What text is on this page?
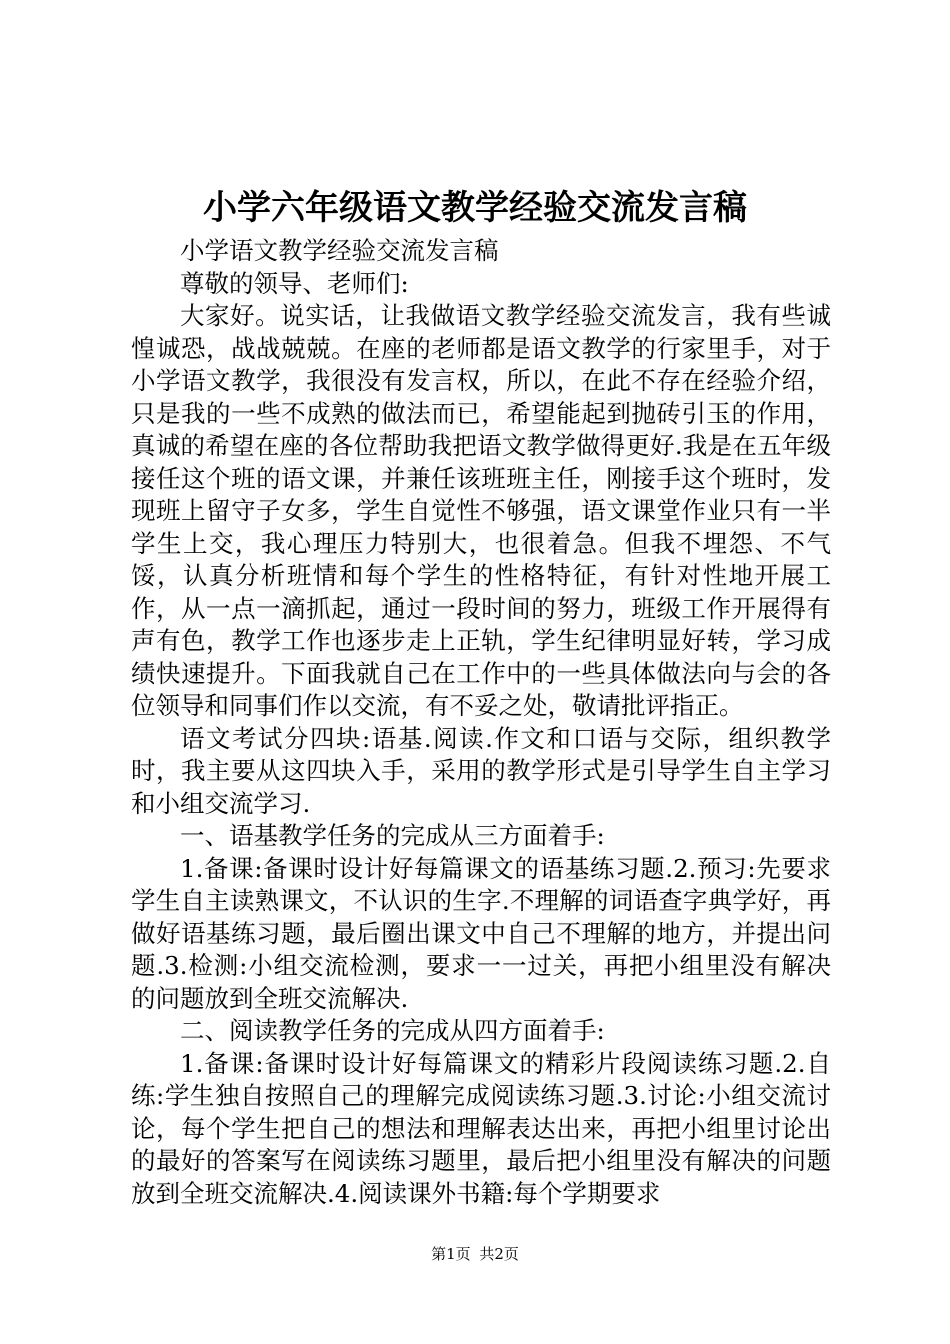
小学六年级语文教学经验交流发言稿

小学语文教学经验交流发言稿

尊敬的领导、老师们:

大家好。说实话，让我做语文教学经验交流发言，我有些诚惶诚恐，战战兢兢。在座的老师都是语文教学的行家里手，对于小学语文教学，我很没有发言权，所以，在此不存在经验介绍，只是我的一些不成熟的做法而已，希望能起到抛砖引玉的作用，真诚的希望在座的各位帮助我把语文教学做得更好.我是在五年级接任这个班的语文课，并兼任该班班主任，刚接手这个班时，发现班上留守子女多，学生自觉性不够强，语文课堂作业只有一半学生上交，我心理压力特别大，也很着急。但我不埋怨、不气馁，认真分析班情和每个学生的性格特征，有针对性地开展工作，从一点一滴抓起，通过一段时间的努力，班级工作开展得有声有色，教学工作也逐步走上正轨，学生纪律明显好转，学习成绩快速提升。下面我就自己在工作中的一些具体做法向与会的各位领导和同事们作以交流，有不妥之处，敬请批评指正。

语文考试分四块:语基.阅读.作文和口语与交际，组织教学时，我主要从这四块入手，采用的教学形式是引导学生自主学习和小组交流学习.

一、语基教学任务的完成从三方面着手:

1.备课:备课时设计好每篇课文的语基练习题.2.预习:先要求学生自主读熟课文，不认识的生字.不理解的词语查字典学好，再做好语基练习题，最后圈出课文中自己不理解的地方，并提出问题.3.检测:小组交流检测，要求一一过关，再把小组里没有解决的问题放到全班交流解决.

二、阅读教学任务的完成从四方面着手:

1.备课:备课时设计好每篇课文的精彩片段阅读练习题.2.自练:学生独自按照自己的理解完成阅读练习题.3.讨论:小组交流讨论，每个学生把自己的想法和理解表达出来，再把小组里讨论出的最好的答案写在阅读练习题里，最后把小组里没有解决的问题放到全班交流解决.4.阅读课外书籍:每个学期要求

第1页 共2页
